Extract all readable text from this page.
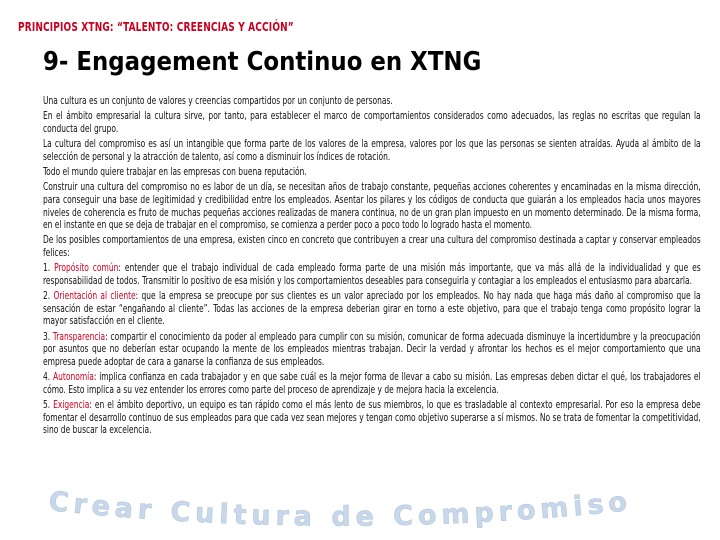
PRINCIPIOS XTNG: “TALENTO: CREENCIAS Y ACCIÓN”
9- Engagement Continuo en XTNG

Una cultura es un conjunto de valores y creencias compartidos por un conjunto de personas.

En el ámbito empresarial la cultura sirve, por tanto, para establecer el marco de comportamientos considerados como adecuados, las reglas no escritas que regulan la conducta del grupo.

La cultura del compromiso es así un intangible que forma parte de los valores de la empresa, valores por los que las personas se sienten atraídas. Ayuda al ámbito de la selección de personal y la atracción de talento, así como a disminuir los índices de rotación.

Todo el mundo quiere trabajar en las empresas con buena reputación.

Construir una cultura del compromiso no es labor de un día, se necesitan años de trabajo constante, pequeñas acciones coherentes y encaminadas en la misma dirección, para conseguir una base de legitimidad y credibilidad entre los empleados. Asentar los pilares y los códigos de conducta que guiarán a los empleados hacia unos mayores niveles de coherencia es fruto de muchas pequeñas acciones realizadas de manera continua, no de un gran plan impuesto en un momento determinado. De la misma forma, en el instante en que se deja de trabajar en el compromiso, se comienza a perder poco a poco todo lo logrado hasta el momento.

De los posibles comportamientos de una empresa, existen cinco en concreto que contribuyen a crear una cultura del compromiso destinada a captar y conservar empleados felices:

1. Propósito común: entender que el trabajo individual de cada empleado forma parte de una misión más importante, que va más allá de la individualidad y que es responsabilidad de todos. Transmitir lo positivo de esa misión y los comportamientos deseables para conseguirla y contagiar a los empleados el entusiasmo para abarcarla.

2. Orientación al cliente: que la empresa se preocupe por sus clientes es un valor apreciado por los empleados. No hay nada que haga más daño al compromiso que la sensación de estar “engañando al cliente”. Todas las acciones de la empresa deberian girar en torno a este objetivo, para que el trabajo tenga como propósito lograr la mayor satisfacción en el cliente.

3. Transparencia: compartir el conocimiento da poder al empleado para cumplir con su misión, comunicar de forma adecuada disminuye la incertidumbre y la preocupación por asuntos que no deberían estar ocupando la mente de los empleados mientras trabajan. Decir la verdad y afrontar los hechos es el mejor comportamiento que una empresa puede adoptar de cara a ganarse la confianza de sus empleados.

4. Autonomía: implica confianza en cada trabajador y en que sabe cuál es la mejor forma de llevar a cabo su misión. Las empresas deben dictar el qué, los trabajadores el cómo. Esto implica a su vez entender los errores como parte del proceso de aprendizaje y de mejora hacia la excelencia.

5. Exigencia: en el ámbito deportivo, un equipo es tan rápido como el más lento de sus miembros, lo que es trasladable al contexto empresarial. Por eso la empresa debe fomentar el desarrollo continuo de sus empleados para que cada vez sean mejores y tengan como objetivo superarse a sí mismos. No se trata de fomentar la competitividad, sino de buscar la excelencia.

Crear Cultura de Compromiso
